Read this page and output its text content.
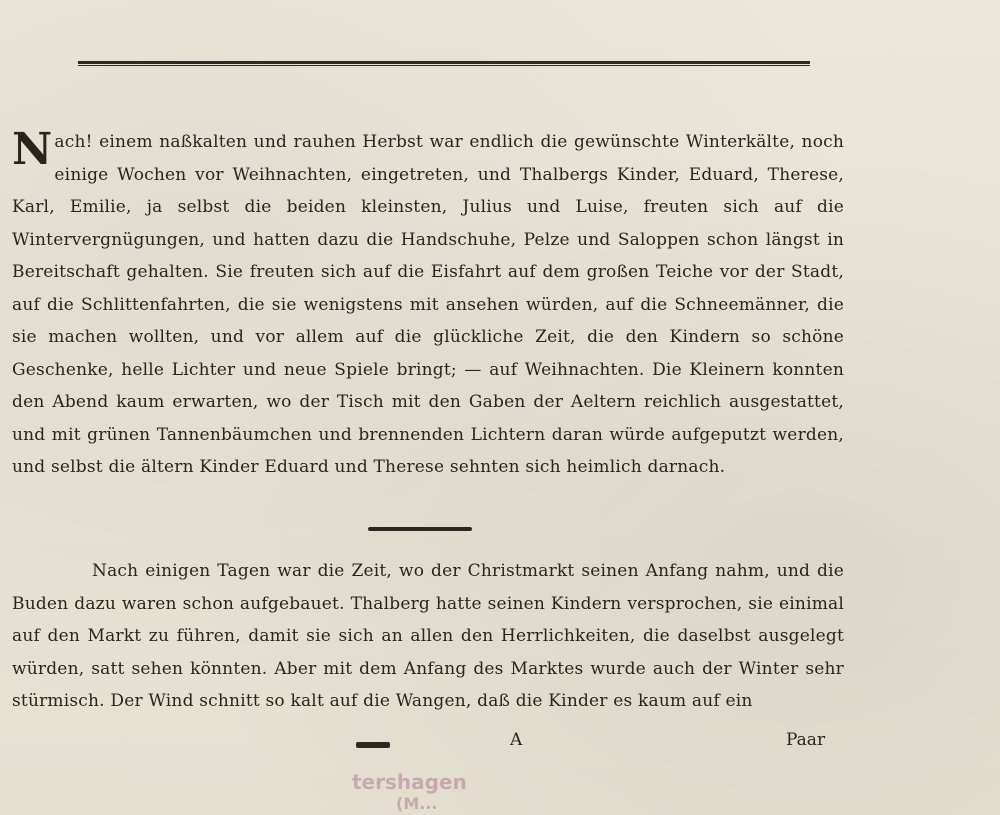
N ach! einem naßkalten und rauhen Herbst war endlich die gewünschte Winterkälte, noch einige Wochen vor Weihnachten, eingetreten, und Thalbergs Kinder, Eduard, Therese, Karl, Emilie, ja selbst die beiden kleinsten, Julius und Luise, freuten sich auf die Wintervergnügungen, und hatten dazu die Handschuhe, Pelze und Saloppen schon längst in Bereitschaft gehalten. Sie freuten sich auf die Eisfahrt auf dem großen Teiche vor der Stadt, auf die Schlittenfahrten, die sie wenigstens mit ansehen würden, auf die Schneemänner, die sie machen wollten, und vor allem auf die glückliche Zeit, die den Kindern so schöne Geschenke, helle Lichter und neue Spiele bringt; — auf Weihnachten. Die Kleinern konnten den Abend kaum erwarten, wo der Tisch mit den Gaben der Aeltern reichlich ausgestattet, und mit grünen Tannenbäumchen und brennenden Lichtern daran würde aufgeputzt werden, und selbst die ältern Kinder Eduard und Therese sehnten sich heimlich darnach.
Nach einigen Tagen war die Zeit, wo der Christmarkt seinen Anfang nahm, und die Buden dazu waren schon aufgebauet. Thalberg hatte seinen Kindern versprochen, sie einimal auf den Markt zu führen, damit sie sich an allen den Herrlichkeiten, die daselbst ausgelegt würden, satt sehen könnten. Aber mit dem Anfang des Marktes wurde auch der Winter sehr stürmisch. Der Wind schnitt so kalt auf die Wangen, daß die Kinder es kaum auf ein
A	Paar
tershagen
(M...
